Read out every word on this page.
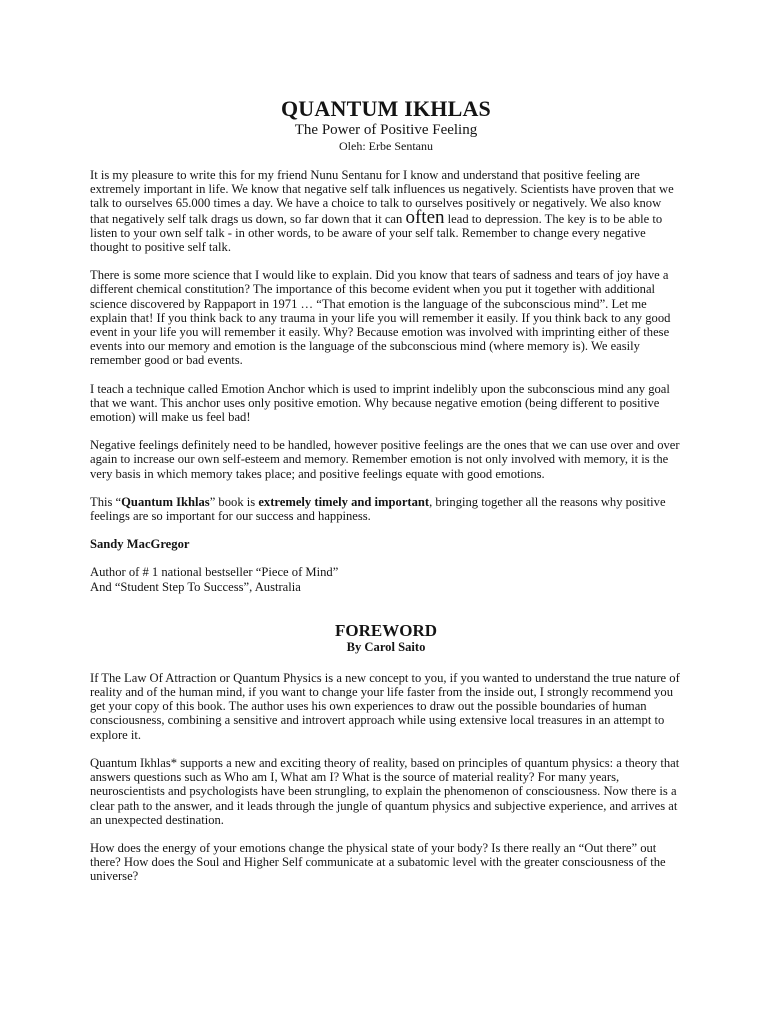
QUANTUM IKHLAS
The Power of Positive Feeling
Oleh: Erbe Sentanu

It is my pleasure to write this for my friend Nunu Sentanu for I know and understand that positive feeling are extremely important in life. We know that negative self talk influences us negatively. Scientists have proven that we talk to ourselves 65.000 times a day. We have a choice to talk to ourselves positively or negatively. We also know that negatively self talk drags us down, so far down that it can often lead to depression. The key is to be able to listen to your own self talk - in other words, to be aware of your self talk. Remember to change every negative thought to positive self talk.

There is some more science that I would like to explain. Did you know that tears of sadness and tears of joy have a different chemical constitution? The importance of this become evident when you put it together with additional science discovered by Rappaport in 1971 … “That emotion is the language of the subconscious mind”. Let me explain that! If you think back to any trauma in your life you will remember it easily. If you think back to any good event in your life you will remember it easily. Why? Because emotion was involved with imprinting either of these events into our memory and emotion is the language of the subconscious mind (where memory is). We easily remember good or bad events.

I teach a technique called Emotion Anchor which is used to imprint indelibly upon the subconscious mind any goal that we want. This anchor uses only positive emotion. Why because negative emotion (being different to positive emotion) will make us feel bad!

Negative feelings definitely need to be handled, however positive feelings are the ones that we can use over and over again to increase our own self-esteem and memory. Remember emotion is not only involved with memory, it is the very basis in which memory takes place; and positive feelings equate with good emotions.

This “Quantum Ikhlas” book is extremely timely and important, bringing together all the reasons why positive feelings are so important for our success and happiness.

Sandy MacGregor
Author of # 1 national bestseller “Piece of Mind”
And “Student Step To Success”, Australia
FOREWORD
By Carol Saito

If The Law Of Attraction or Quantum Physics is a new concept to you, if you wanted to understand the true nature of reality and of the human mind, if you want to change your life faster from the inside out, I strongly recommend you get your copy of this book. The author uses his own experiences to draw out the possible boundaries of human consciousness, combining a sensitive and introvert approach while using extensive local treasures in an attempt to explore it.

Quantum Ikhlas* supports a new and exciting theory of reality, based on principles of quantum physics: a theory that answers questions such as Who am I, What am I? What is the source of material reality? For many years, neuroscientists and psychologists have been strungling, to explain the phenomenon of consciousness. Now there is a clear path to the answer, and it leads through the jungle of quantum physics and subjective experience, and arrives at an unexpected destination.

How does the energy of your emotions change the physical state of your body? Is there really an “Out there” out there? How does the Soul and Higher Self communicate at a subatomic level with the greater consciousness of the universe?
